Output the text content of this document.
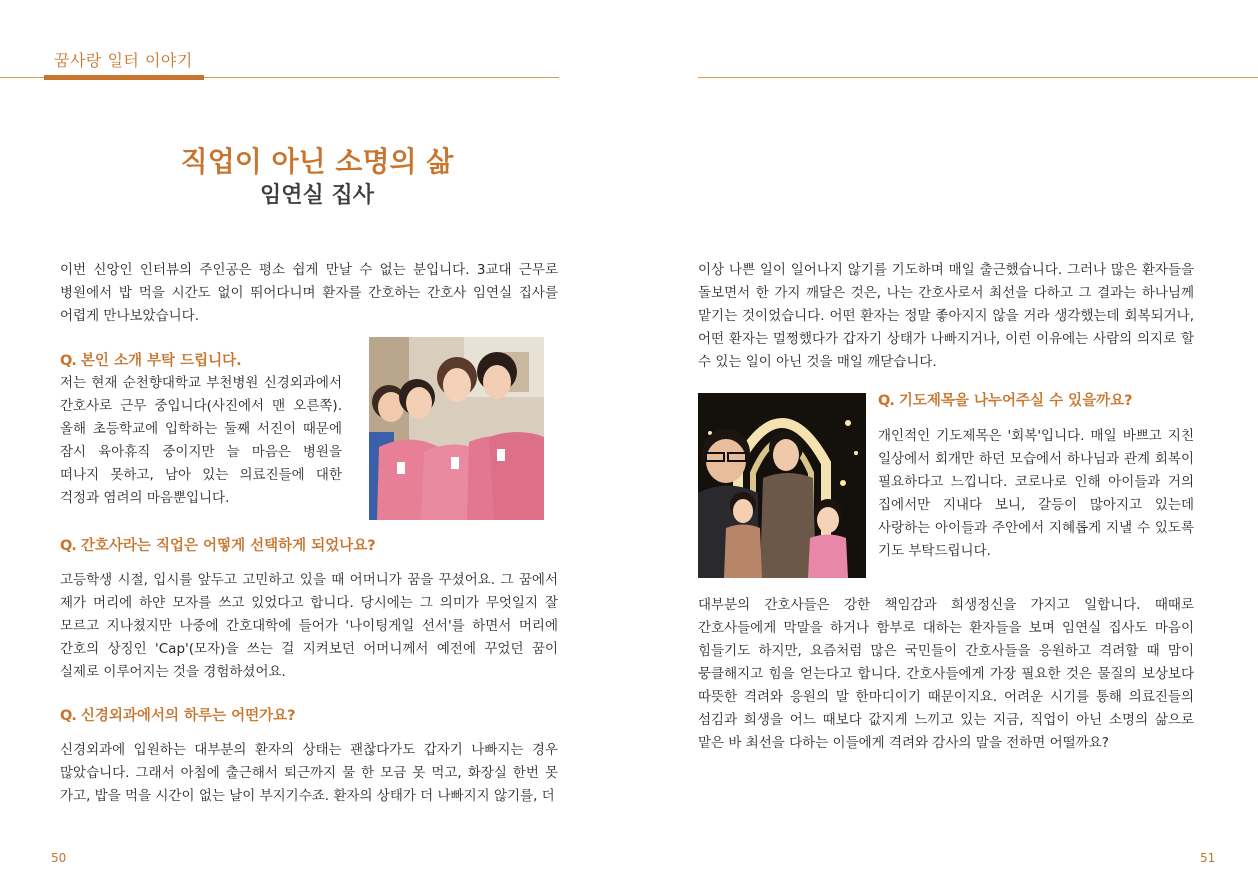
꿈사랑 일터 이야기
직업이 아닌 소명의 삶
임연실 집사

이번 신앙인 인터뷰의 주인공은 평소 쉽게 만날 수 없는 분입니다. 3교대 근무로 병원에서 밥 먹을 시간도 없이 뛰어다니며 환자를 간호하는 간호사 임연실 집사를 어렵게 만나보았습니다.

Q. 본인 소개 부탁 드립니다.

저는 현재 순천향대학교 부천병원 신경외과에서 간호사로 근무 중입니다(사진에서 맨 오른쪽). 올해 초등학교에 입학하는 둘째 서진이 때문에 잠시 육아휴직 중이지만 늘 마음은 병원을 떠나지 못하고, 남아 있는 의료진들에 대한 걱정과 염려의 마음뿐입니다.

Q. 간호사라는 직업은 어떻게 선택하게 되었나요?

고등학생 시절, 입시를 앞두고 고민하고 있을 때 어머니가 꿈을 꾸셨어요. 그 꿈에서 제가 머리에 하얀 모자를 쓰고 있었다고 합니다. 당시에는 그 의미가 무엇일지 잘 모르고 지나쳤지만 나중에 간호대학에 들어가 '나이팅게일 선서'를 하면서 머리에 간호의 상징인 'Cap'(모자)을 쓰는 걸 지켜보던 어머니께서 예전에 꾸었던 꿈이 실제로 이루어지는 것을 경험하셨어요.

Q. 신경외과에서의 하루는 어떤가요?

신경외과에 입원하는 대부분의 환자의 상태는 괜찮다가도 갑자기 나빠지는 경우 많았습니다. 그래서 아침에 출근해서 퇴근까지 물 한 모금 못 먹고, 화장실 한번 못 가고, 밥을 먹을 시간이 없는 날이 부지기수죠. 환자의 상태가 더 나빠지지 않기를, 더

50

이상 나쁜 일이 일어나지 않기를 기도하며 매일 출근했습니다. 그러나 많은 환자들을 돌보면서 한 가지 깨달은 것은, 나는 간호사로서 최선을 다하고 그 결과는 하나님께 맡기는 것이었습니다. 어떤 환자는 정말 좋아지지 않을 거라 생각했는데 회복되거나, 어떤 환자는 멀쩡했다가 갑자기 상태가 나빠지거나, 이런 이유에는 사람의 의지로 할 수 있는 일이 아닌 것을 매일 깨닫습니다.

Q. 기도제목을 나누어주실 수 있을까요?

개인적인 기도제목은 '회복'입니다. 매일 바쁘고 지친 일상에서 회개만 하던 모습에서 하나님과 관계 회복이 필요하다고 느낍니다. 코로나로 인해 아이들과 거의 집에서만 지내다 보니, 갈등이 많아지고 있는데 사랑하는 아이들과 주안에서 지혜롭게 지낼 수 있도록 기도 부탁드립니다.

대부분의 간호사들은 강한 책임감과 희생정신을 가지고 일합니다. 때때로 간호사들에게 막말을 하거나 함부로 대하는 환자들을 보며 임연실 집사도 마음이 힘들기도 하지만, 요즘처럼 많은 국민들이 간호사들을 응원하고 격려할 때 맘이 뭉클해지고 힘을 얻는다고 합니다. 간호사들에게 가장 필요한 것은 물질의 보상보다 따뜻한 격려와 응원의 말 한마디이기 때문이지요. 어려운 시기를 통해 의료진들의 섬김과 희생을 어느 때보다 값지게 느끼고 있는 지금, 직업이 아닌 소명의 삶으로 맡은 바 최선을 다하는 이들에게 격려와 감사의 말을 전하면 어떨까요?

51
